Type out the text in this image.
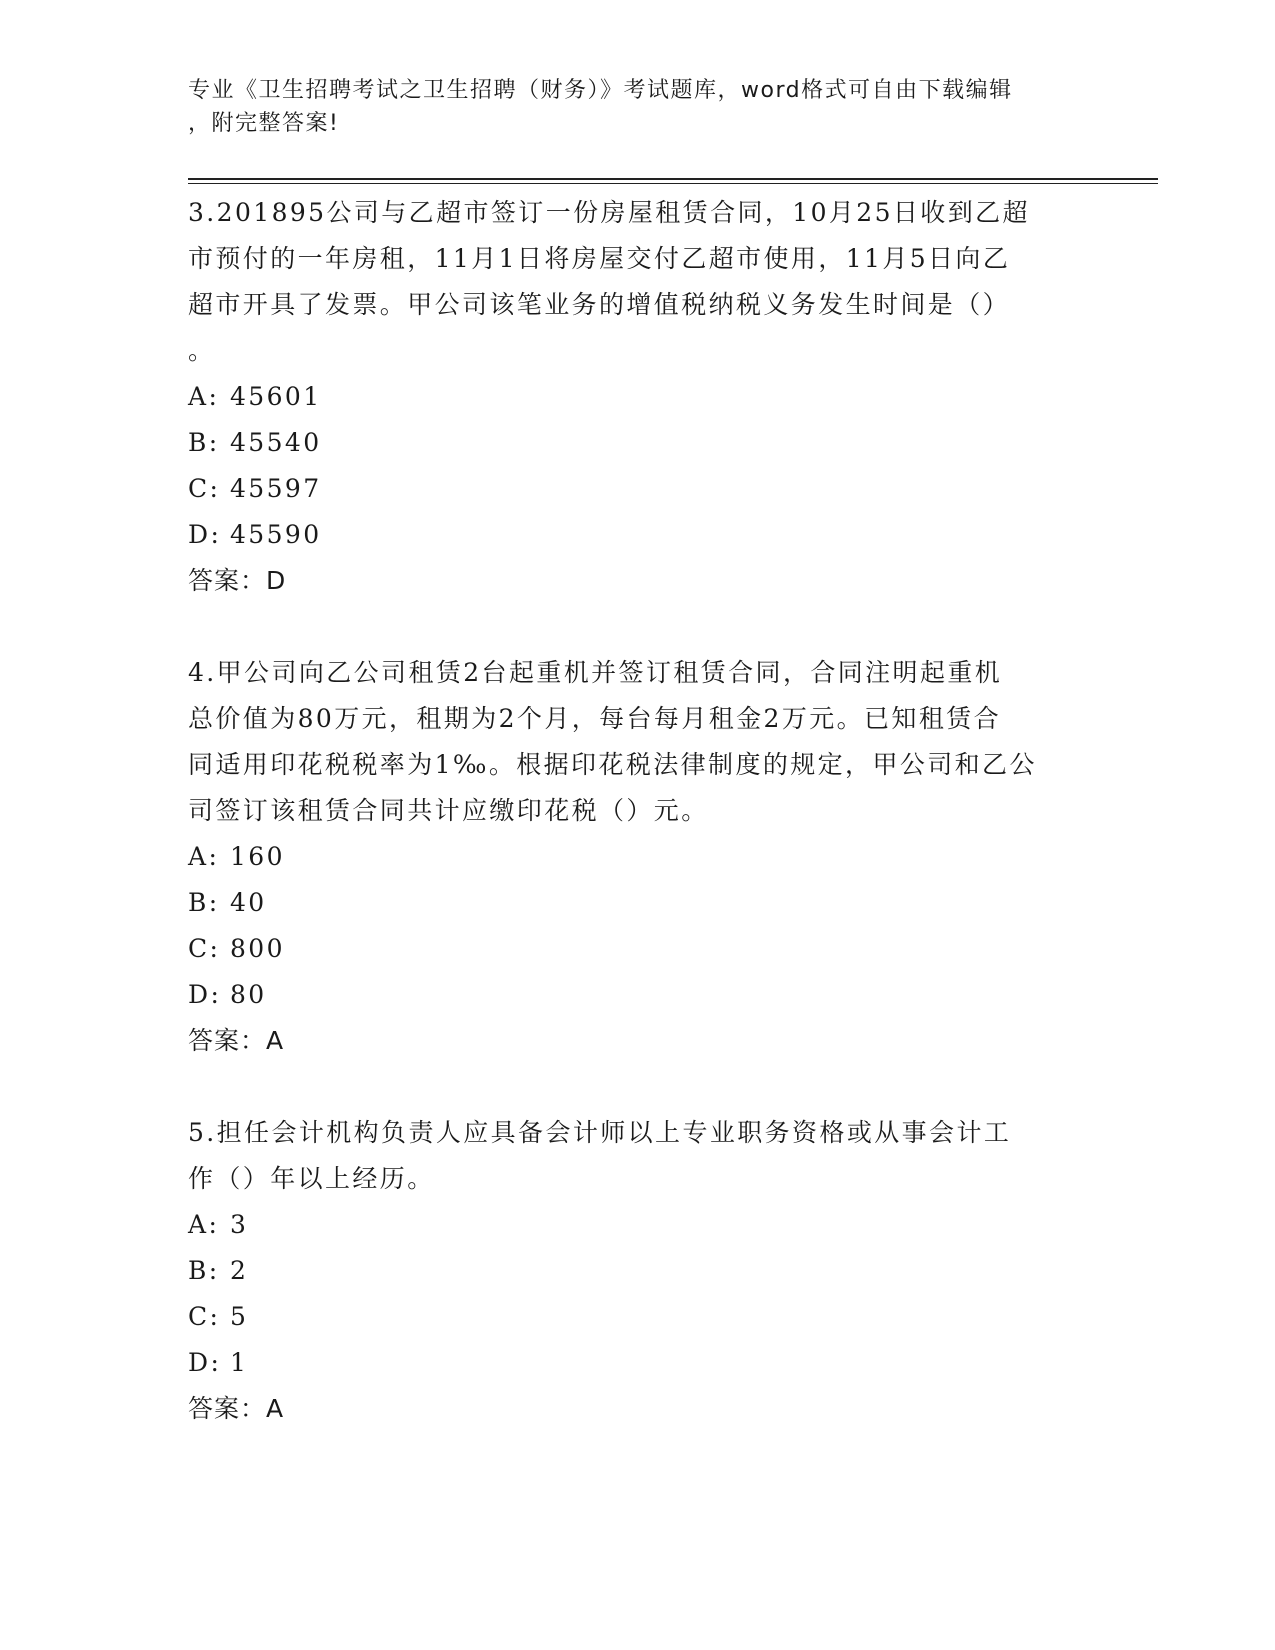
专业《卫生招聘考试之卫生招聘（财务）》考试题库，word格式可自由下载编辑
，附完整答案!
3.201895公司与乙超市签订一份房屋租赁合同，10月25日收到乙超
市预付的一年房租，11月1日将房屋交付乙超市使用，11月5日向乙
超市开具了发票。甲公司该笔业务的增值税纳税义务发生时间是（）
。
A: 45601
B: 45540
C: 45597
D: 45590
答案：D
4.甲公司向乙公司租赁2台起重机并签订租赁合同，合同注明起重机
总价值为80万元，租期为2个月，每台每月租金2万元。已知租赁合
同适用印花税税率为1‰。根据印花税法律制度的规定，甲公司和乙公
司签订该租赁合同共计应缴印花税（）元。
A: 160
B: 40
C: 800
D: 80
答案：A
5.担任会计机构负责人应具备会计师以上专业职务资格或从事会计工
作（）年以上经历。
A: 3
B: 2
C: 5
D: 1
答案：A
